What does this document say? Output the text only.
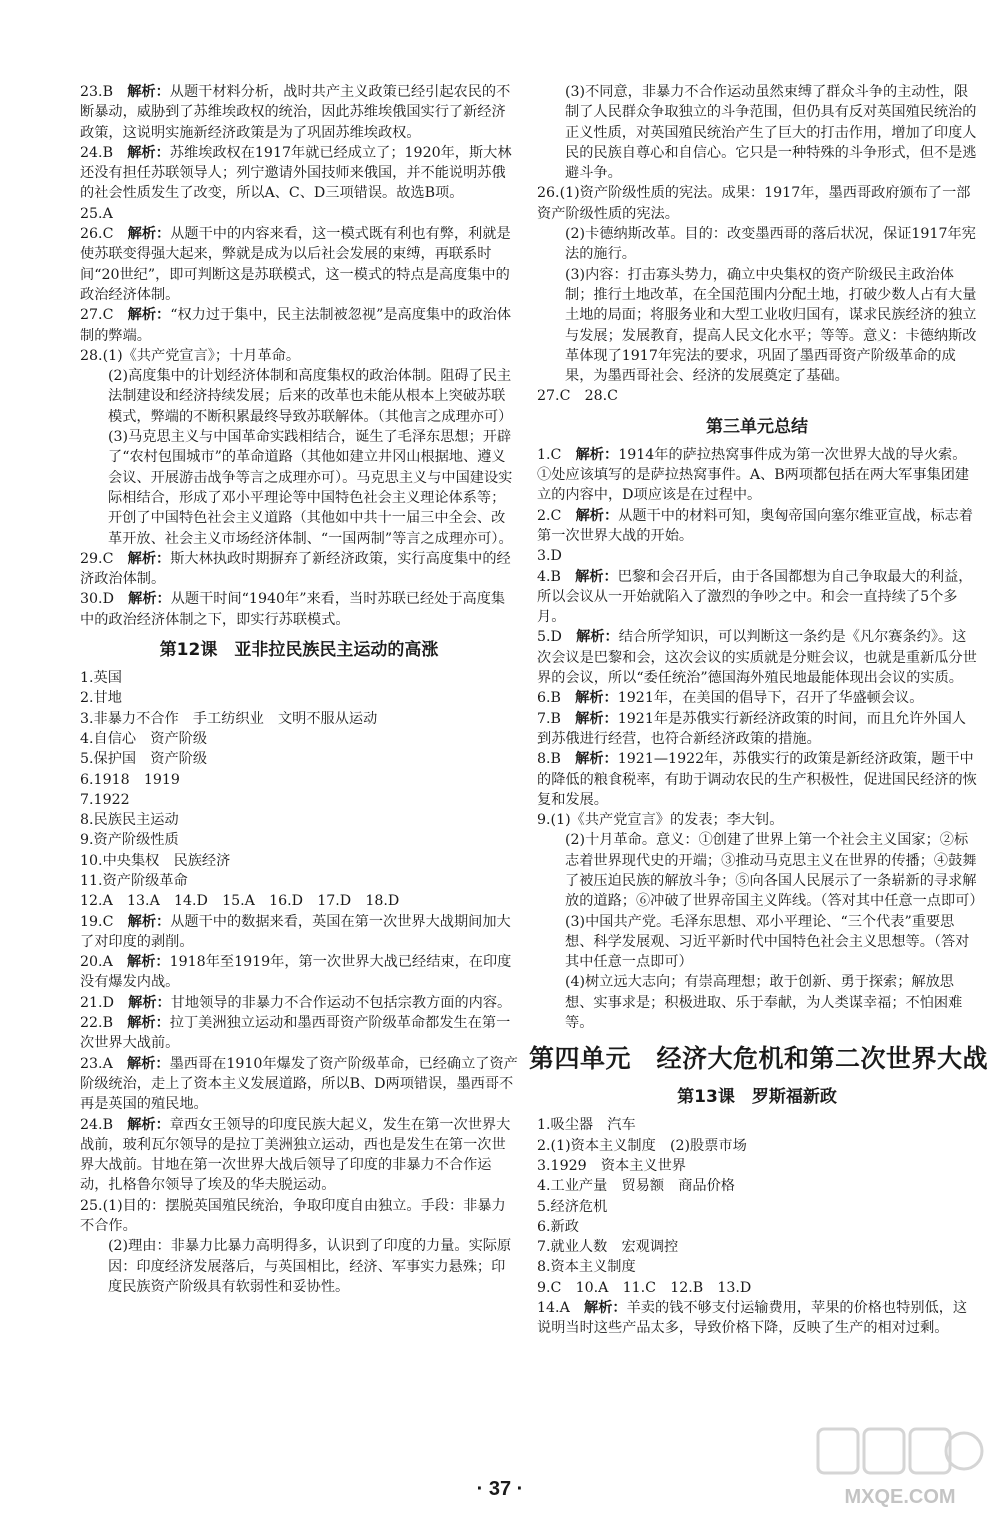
23.B　 解析：从题干材料分析，战时共产主义政策已经引起农民的不断暴动，威胁到了苏维埃政权的统治，因此苏维埃俄国实行了新经济政策，这说明实施新经济政策是为了巩固苏维埃政权。

24.B　 解析：苏维埃政权在1917年就已经成立了；1920年，斯大林还没有担任苏联领导人；列宁邀请外国技师来俄国，并不能说明苏俄的社会性质发生了改变，所以A、C、D三项错误。故选B项。

25.A

26.C　 解析：从题干中的内容来看，这一模式既有利也有弊，利就是使苏联变得强大起来，弊就是成为以后社会发展的束缚，再联系时间“20世纪”，即可判断这是苏联模式，这一模式的特点是高度集中的政治经济体制。

27.C　 解析：“权力过于集中，民主法制被忽视”是高度集中的政治体制的弊端。

28.(1)《共产党宣言》；十月革命。

(2)高度集中的计划经济体制和高度集权的政治体制。阻碍了民主法制建设和经济持续发展；后来的改革也未能从根本上突破苏联模式，弊端的不断积累最终导致苏联解体。（其他言之成理亦可）

(3)马克思主义与中国革命实践相结合，诞生了毛泽东思想；开辟了“农村包围城市”的革命道路（其他如建立井冈山根据地、遵义会议、开展游击战争等言之成理亦可）。马克思主义与中国建设实际相结合，形成了邓小平理论等中国特色社会主义理论体系等；开创了中国特色社会主义道路（其他如中共十一届三中全会、改革开放、社会主义市场经济体制、“一国两制”等言之成理亦可）。

29.C　 解析：斯大林执政时期摒弃了新经济政策，实行高度集中的经济政治体制。

30.D　 解析：从题干时间“1940年”来看，当时苏联已经处于高度集中的政治经济体制之下，即实行苏联模式。

第12课　亚非拉民族民主运动的高涨

1.英国

2.甘地

3.非暴力不合作　手工纺织业　文明不服从运动

4.自信心　资产阶级

5.保护国　资产阶级

6.1918　1919

7.1922

8.民族民主运动

9.资产阶级性质

10.中央集权　民族经济

11.资产阶级革命

12.A　13.A　14.D　15.A　16.D　17.D　18.D

19.C　 解析：从题干中的数据来看，英国在第一次世界大战期间加大了对印度的剥削。

20.A　 解析：1918年至1919年，第一次世界大战已经结束，在印度没有爆发内战。

21.D　 解析：甘地领导的非暴力不合作运动不包括宗教方面的内容。

22.B　 解析：拉丁美洲独立运动和墨西哥资产阶级革命都发生在第一次世界大战前。

23.A　 解析：墨西哥在1910年爆发了资产阶级革命，已经确立了资产阶级统治，走上了资本主义发展道路，所以B、D两项错误，墨西哥不再是英国的殖民地。

24.B　 解析：章西女王领导的印度民族大起义，发生在第一次世界大战前，玻利瓦尔领导的是拉丁美洲独立运动，西也是发生在第一次世界大战前。甘地在第一次世界大战后领导了印度的非暴力不合作运动，扎格鲁尔领导了埃及的华夫脱运动。

25.(1)目的：摆脱英国殖民统治，争取印度自由独立。手段：非暴力不合作。

(2)理由：非暴力比暴力高明得多，认识到了印度的力量。实际原因：印度经济发展落后，与英国相比，经济、军事实力悬殊；印度民族资产阶级具有软弱性和妥协性。

(3)不同意，非暴力不合作运动虽然束缚了群众斗争的主动性，限制了人民群众争取独立的斗争范围，但仍具有反对英国殖民统治的正义性质，对英国殖民统治产生了巨大的打击作用，增加了印度人民的民族自尊心和自信心。它只是一种特殊的斗争形式，但不是逃避斗争。

26.(1)资产阶级性质的宪法。成果：1917年，墨西哥政府颁布了一部资产阶级性质的宪法。

(2)卡德纳斯改革。目的：改变墨西哥的落后状况，保证1917年宪法的施行。

(3)内容：打击寡头势力，确立中央集权的资产阶级民主政治体制；推行土地改革，在全国范围内分配土地，打破少数人占有大量土地的局面；将服务业和大型工业收归国有，谋求民族经济的独立与发展；发展教育，提高人民文化水平；等等。意义：卡德纳斯改革体现了1917年宪法的要求，巩固了墨西哥资产阶级革命的成果，为墨西哥社会、经济的发展奠定了基础。

27.C　28.C

第三单元总结

1.C　 解析：1914年的萨拉热窝事件成为第一次世界大战的导火索。①处应该填写的是萨拉热窝事件。A、B两项都包括在两大军事集团建立的内容中，D项应该是在过程中。

2.C　 解析：从题干中的材料可知，奥匈帝国向塞尔维亚宣战，标志着第一次世界大战的开始。

3.D

4.B　 解析：巴黎和会召开后，由于各国都想为自己争取最大的利益，所以会议从一开始就陷入了激烈的争吵之中。和会一直持续了5个多月。

5.D　 解析：结合所学知识，可以判断这一条约是《凡尔赛条约》。这次会议是巴黎和会，这次会议的实质就是分赃会议，也就是重新瓜分世界的会议，所以“委任统治”德国海外殖民地最能体现出会议的实质。

6.B　 解析：1921年，在美国的倡导下，召开了华盛顿会议。

7.B　 解析：1921年是苏俄实行新经济政策的时间，而且允许外国人到苏俄进行经营，也符合新经济政策的措施。

8.B　 解析：1921—1922年，苏俄实行的政策是新经济政策，题干中的降低的粮食税率，有助于调动农民的生产积极性，促进国民经济的恢复和发展。

9.(1)《共产党宣言》的发表；李大钊。

(2)十月革命。意义：①创建了世界上第一个社会主义国家；②标志着世界现代史的开端；③推动马克思主义在世界的传播；④鼓舞了被压迫民族的解放斗争；⑤向各国人民展示了一条崭新的寻求解放的道路；⑥冲破了世界帝国主义阵线。（答对其中任意一点即可）

(3)中国共产党。毛泽东思想、邓小平理论、“三个代表”重要思想、科学发展观、习近平新时代中国特色社会主义思想等。（答对其中任意一点即可）

(4)树立远大志向；有崇高理想；敢于创新、勇于探索；解放思想、实事求是；积极进取、乐于奉献，为人类谋幸福；不怕困难等。

第四单元　经济大危机和第二次世界大战
第13课　罗斯福新政

1.吸尘器　汽车

2.(1)资本主义制度　(2)股票市场

3.1929　资本主义世界

4.工业产量　贸易额　商品价格

5.经济危机

6.新政

7.就业人数　宏观调控

8.资本主义制度

9.C　10.A　11.C　12.B　13.D

14.A　 解析：羊卖的钱不够支付运输费用，苹果的价格也特别低，这说明当时这些产品太多，导致价格下降，反映了生产的相对过剩。

· 37 ·	MXQE.COM
